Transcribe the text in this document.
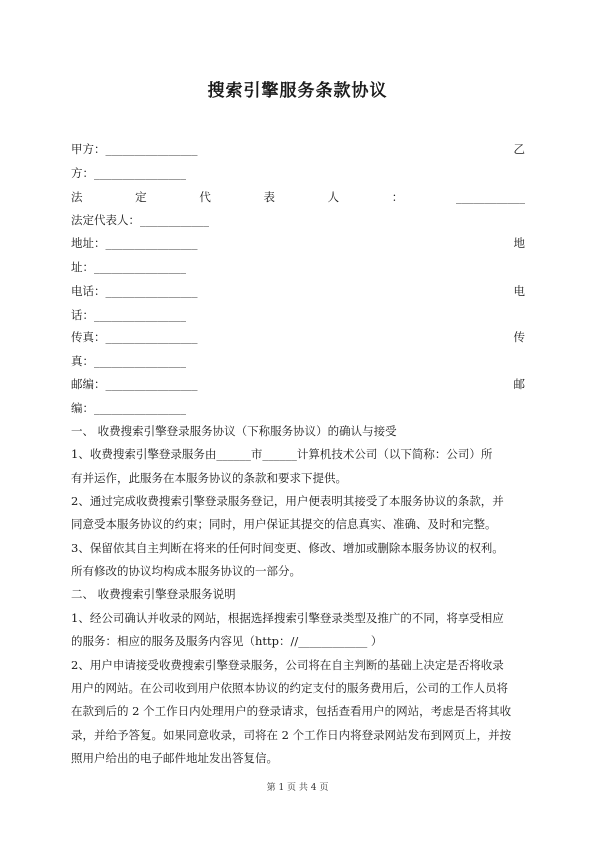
搜索引擎服务条款协议
甲方：________________	乙
方：________________
法	定	代	表	人	：	____________
法定代表人：____________
地址：________________	地
址：________________
电话：________________	电
话：________________
传真：________________	传
真：________________
邮编：________________	邮
编：________________
一、 收费搜索引擎登录服务协议（下称服务协议）的确认与接受
1、收费搜索引擎登录服务由______市______计算机技术公司（以下简称：公司）所
有并运作，此服务在本服务协议的条款和要求下提供。
2、通过完成收费搜索引擎登录服务登记，用户便表明其接受了本服务协议的条款，并
同意受本服务协议的约束；同时，用户保证其提交的信息真实、准确、及时和完整。
3、保留依其自主判断在将来的任何时间变更、修改、增加或删除本服务协议的权利。
所有修改的协议均构成本服务协议的一部分。
二、 收费搜索引擎登录服务说明
1、经公司确认并收录的网站，根据选择搜索引擎登录类型及推广的不同，将享受相应
的服务：相应的服务及服务内容见（http：//____________ ）
2、用户申请接受收费搜索引擎登录服务，公司将在自主判断的基础上决定是否将收录
用户的网站。在公司收到用户依照本协议的约定支付的服务费用后，公司的工作人员将
在款到后的 2 个工作日内处理用户的登录请求，包括查看用户的网站，考虑是否将其收
录，并给予答复。如果同意收录，司将在 2 个工作日内将登录网站发布到网页上，并按
照用户给出的电子邮件地址发出答复信。
第 1 页 共 4 页
